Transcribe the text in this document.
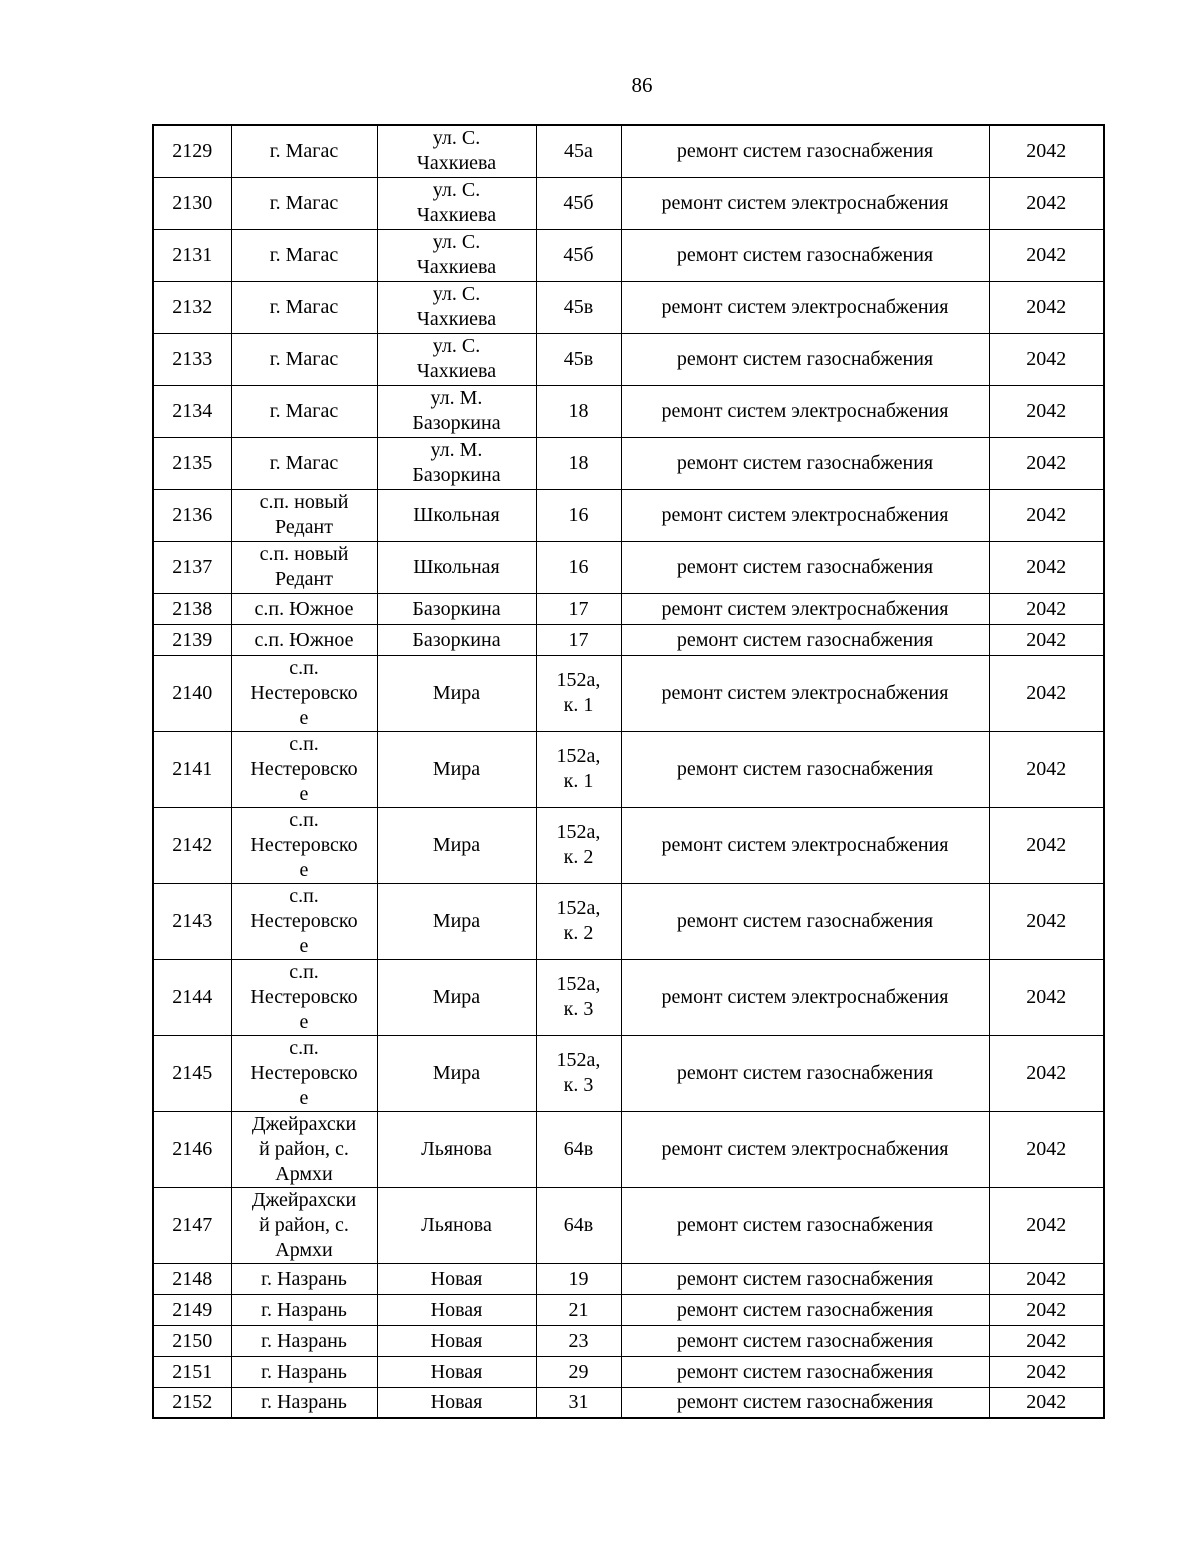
86
2129	г. Магас	ул. С.
Чахкиева	45а	ремонт систем газоснабжения	2042
2130	г. Магас	ул. С.
Чахкиева	45б	ремонт систем электроснабжения	2042
2131	г. Магас	ул. С.
Чахкиева	45б	ремонт систем газоснабжения	2042
2132	г. Магас	ул. С.
Чахкиева	45в	ремонт систем электроснабжения	2042
2133	г. Магас	ул. С.
Чахкиева	45в	ремонт систем газоснабжения	2042
2134	г. Магас	ул. М.
Базоркина	18	ремонт систем электроснабжения	2042
2135	г. Магас	ул. М.
Базоркина	18	ремонт систем газоснабжения	2042
2136	с.п. новый
Редант	Школьная	16	ремонт систем электроснабжения	2042
2137	с.п. новый
Редант	Школьная	16	ремонт систем газоснабжения	2042
2138	с.п. Южное	Базоркина	17	ремонт систем электроснабжения	2042
2139	с.п. Южное	Базоркина	17	ремонт систем газоснабжения	2042
2140	с.п.
Нестеровско
е	Мира	152а,
к. 1	ремонт систем электроснабжения	2042
2141	с.п.
Нестеровско
е	Мира	152а,
к. 1	ремонт систем газоснабжения	2042
2142	с.п.
Нестеровско
е	Мира	152а,
к. 2	ремонт систем электроснабжения	2042
2143	с.п.
Нестеровско
е	Мира	152а,
к. 2	ремонт систем газоснабжения	2042
2144	с.п.
Нестеровско
е	Мира	152а,
к. 3	ремонт систем электроснабжения	2042
2145	с.п.
Нестеровско
е	Мира	152а,
к. 3	ремонт систем газоснабжения	2042
2146	Джейрахски
й район, с.
Армхи	Льянова	64в	ремонт систем электроснабжения	2042
2147	Джейрахски
й район, с.
Армхи	Льянова	64в	ремонт систем газоснабжения	2042
2148	г. Назрань	Новая	19	ремонт систем газоснабжения	2042
2149	г. Назрань	Новая	21	ремонт систем газоснабжения	2042
2150	г. Назрань	Новая	23	ремонт систем газоснабжения	2042
2151	г. Назрань	Новая	29	ремонт систем газоснабжения	2042
2152	г. Назрань	Новая	31	ремонт систем газоснабжения	2042
